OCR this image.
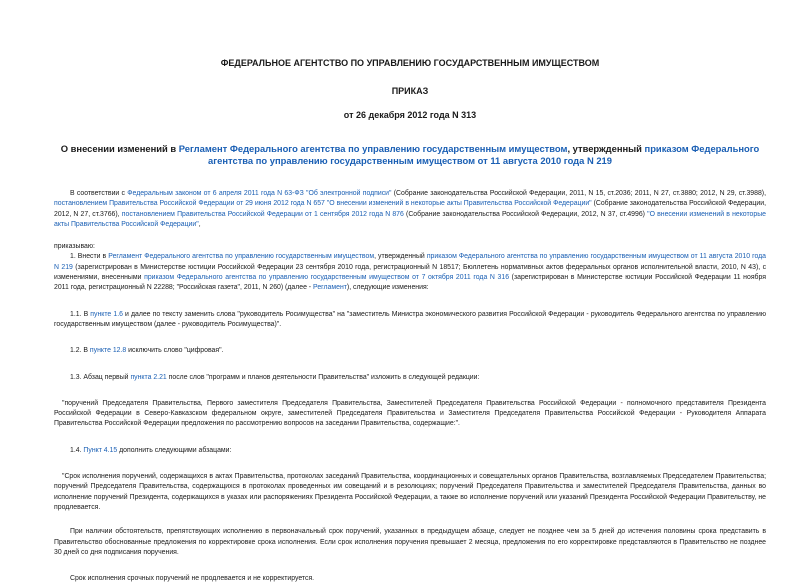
ФЕДЕРАЛЬНОЕ АГЕНТСТВО ПО УПРАВЛЕНИЮ ГОСУДАРСТВЕННЫМ ИМУЩЕСТВОМ

ПРИКАЗ

от 26 декабря 2012 года N 313

О внесении изменений в Регламент Федерального агентства по управлению государственным имуществом, утвержденный приказом Федерального агентства по управлению государственным имуществом от 11 августа 2010 года N 219

В соответствии с Федеральным законом от 6 апреля 2011 года N 63-ФЗ "Об электронной подписи" (Собрание законодательства Российской Федерации, 2011, N 15, ст.2036; 2011, N 27, ст.3880; 2012, N 29, ст.3988), постановлением Правительства Российской Федерации от 29 июня 2012 года N 657 "О внесении изменений в некоторые акты Правительства Российской Федерации" (Собрание законодательства Российской Федерации, 2012, N 27, ст.3766), постановлением Правительства Российской Федерации от 1 сентября 2012 года N 876 (Собрание законодательства Российской Федерации, 2012, N 37, ст.4996) "О внесении изменений в некоторые акты Правительства Российской Федерации",

приказываю:

1. Внести в Регламент Федерального агентства по управлению государственным имуществом, утвержденный приказом Федерального агентства по управлению государственным имуществом от 11 августа 2010 года N 219 (зарегистрирован в Министерстве юстиции Российской Федерации 23 сентября 2010 года, регистрационный N 18517; Бюллетень нормативных актов федеральных органов исполнительной власти, 2010, N 43), с изменениями, внесенными приказом Федерального агентства по управлению государственным имуществом от 7 октября 2011 года N 316 (зарегистрирован в Министерстве юстиции Российской Федерации 11 ноября 2011 года, регистрационный N 22288; "Российская газета", 2011, N 260) (далее - Регламент), следующие изменения:

1.1. В пункте 1.6 и далее по тексту заменить слова "руководитель Росимущества" на "заместитель Министра экономического развития Российской Федерации - руководитель Федерального агентства по управлению государственным имуществом (далее - руководитель Росимущества)".

1.2. В пункте 12.8 исключить слово "цифровая".

1.3. Абзац первый пункта 2.21 после слов "программ и планов деятельности Правительства" изложить в следующей редакции:

"поручений Председателя Правительства, Первого заместителя Председателя Правительства, Заместителей Председателя Правительства Российской Федерации - полномочного представителя Президента Российской Федерации в Северо-Кавказском федеральном округе, заместителей Председателя Правительства и Заместителя Председателя Правительства Российской Федерации - Руководителя Аппарата Правительства Российской Федерации предложения по рассмотрению вопросов на заседании Правительства, содержащие:".

1.4. Пункт 4.15 дополнить следующими абзацами:

"Срок исполнения поручений, содержащихся в актах Правительства, протоколах заседаний Правительства, координационных и совещательных органов Правительства, возглавляемых Председателем Правительства; поручений Председателя Правительства, содержащихся в протоколах проведенных им совещаний и в резолюциях; поручений Председателя Правительства и заместителей Председателя Правительства, данных во исполнение поручений Президента, содержащихся в указах или распоряжениях Президента Российской Федерации, а также во исполнение поручений или указаний Президента Российской Федерации Правительству, не продлевается.

При наличии обстоятельств, препятствующих исполнению в первоначальный срок поручений, указанных в предыдущем абзаце, следует не позднее чем за 5 дней до истечения половины срока представить в Правительство обоснованные предложения по корректировке срока исполнения. Если срок исполнения поручения превышает 2 месяца, предложения по его корректировке представляются в Правительство не позднее 30 дней со дня подписания поручения.

Срок исполнения срочных поручений не продлевается и не корректируется.
